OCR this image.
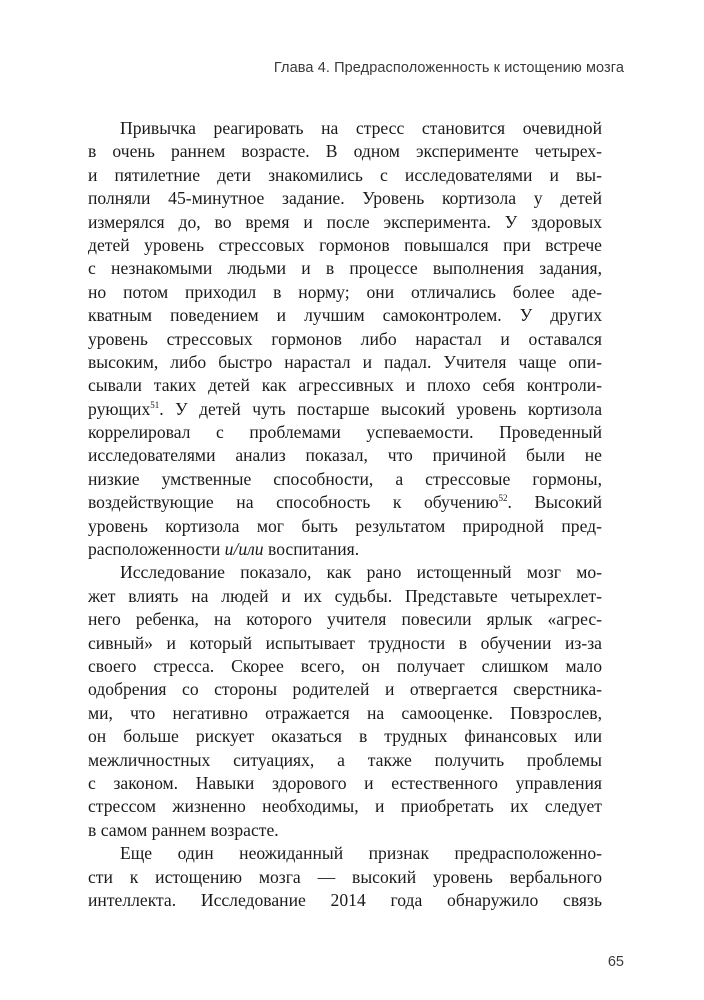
Глава 4. Предрасположенность к истощению мозга
Привычка реагировать на стресс становится очевидной
в очень раннем возрасте. В одном эксперименте четырех-
и пятилетние дети знакомились с исследователями и вы-
полняли 45-минутное задание. Уровень кортизола у детей
измерялся до, во время и после эксперимента. У здоровых
детей уровень стрессовых гормонов повышался при встрече
с незнакомыми людьми и в процессе выполнения задания,
но потом приходил в норму; они отличались более аде-
кватным поведением и лучшим самоконтролем. У других
уровень стрессовых гормонов либо нарастал и оставался
высоким, либо быстро нарастал и падал. Учителя чаще опи-
сывали таких детей как агрессивных и плохо себя контроли-
рующих$^{51}$. У детей чуть постарше высокий уровень кортизола
коррелировал с проблемами успеваемости. Проведенный
исследователями анализ показал, что причиной были не
низкие умственные способности, а стрессовые гормоны,
воздействующие на способность к обучению$^{52}$. Высокий
уровень кортизола мог быть результатом природной пред-
расположенности и/или воспитания.
Исследование показало, как рано истощенный мозг мо-
жет влиять на людей и их судьбы. Представьте четырехлет-
него ребенка, на которого учителя повесили ярлык «агрес-
сивный» и который испытывает трудности в обучении из-за
своего стресса. Скорее всего, он получает слишком мало
одобрения со стороны родителей и отвергается сверстника-
ми, что негативно отражается на самооценке. Повзрослев,
он больше рискует оказаться в трудных финансовых или
межличностных ситуациях, а также получить проблемы
с законом. Навыки здорового и естественного управления
стрессом жизненно необходимы, и приобретать их следует
в самом раннем возрасте.
Еще один неожиданный признак предрасположенно-
сти к истощению мозга — высокий уровень вербального
интеллекта. Исследование 2014 года обнаружило связь
65
